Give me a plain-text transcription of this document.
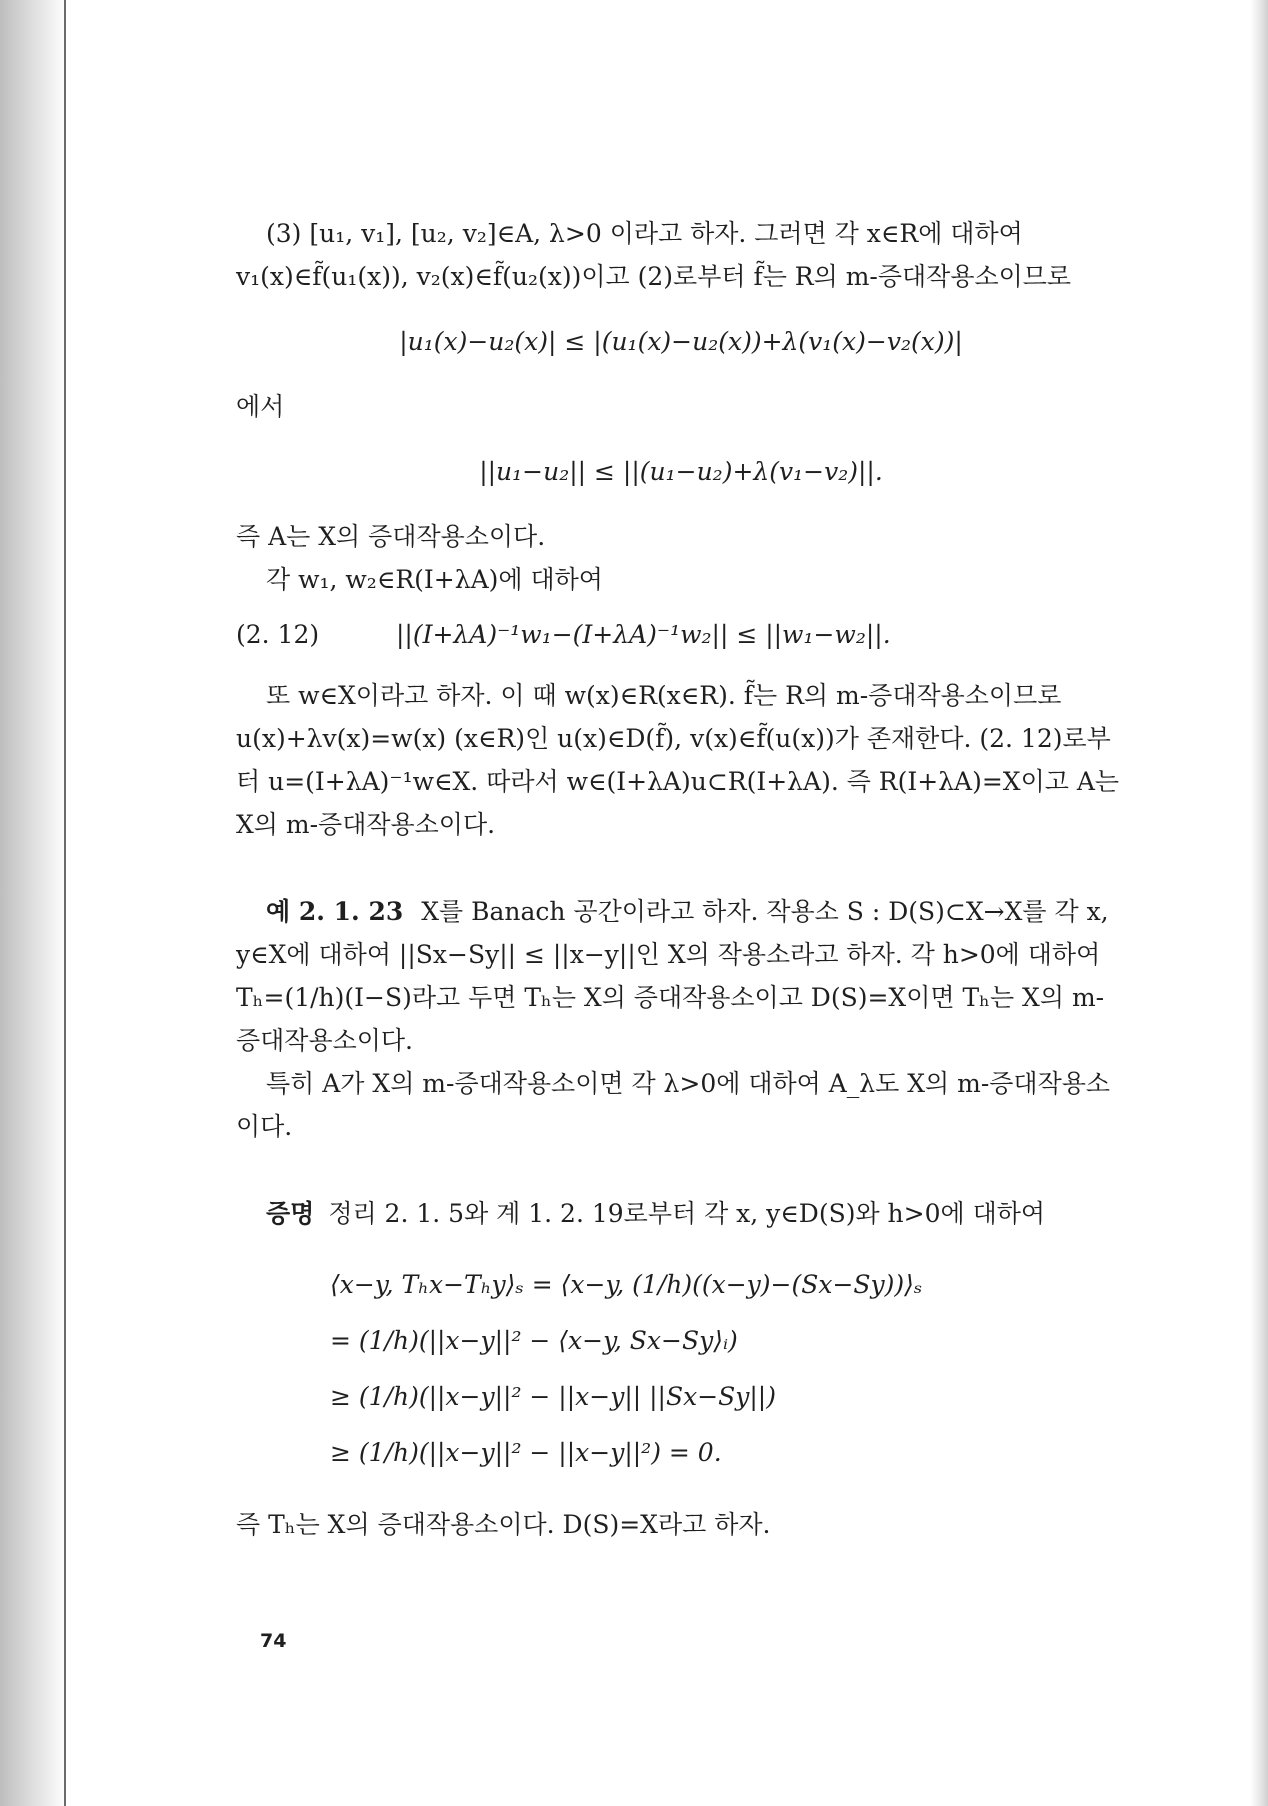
(3) [u₁, v₁], [u₂, v₂]∈A, λ>0 이라고 하자. 그러면 각 x∈R에 대하여 v₁(x)∈f̃(u₁(x)), v₂(x)∈f̃(u₂(x))이고 (2)로부터 f̃는 R의 m-증대작용소이므로

|u₁(x)−u₂(x)| ≤ |(u₁(x)−u₂(x))+λ(v₁(x)−v₂(x))|

에서

||u₁−u₂|| ≤ ||(u₁−u₂)+λ(v₁−v₂)||.

즉 A는 X의 증대작용소이다.

각 w₁, w₂∈R(I+λA)에 대하여

(2. 12)	||(I+λA)⁻¹w₁−(I+λA)⁻¹w₂|| ≤ ||w₁−w₂||.

또 w∈X이라고 하자. 이 때 w(x)∈R(x∈R). f̃는 R의 m-증대작용소이므로 u(x)+λv(x)=w(x) (x∈R)인 u(x)∈D(f̃), v(x)∈f̃(u(x))가 존재한다. (2. 12)로부터 u=(I+λA)⁻¹w∈X. 따라서 w∈(I+λA)u⊂R(I+λA). 즉 R(I+λA)=X이고 A는 X의 m-증대작용소이다.

예 2. 1. 23 X를 Banach 공간이라고 하자. 작용소 S : D(S)⊂X→X를 각 x, y∈X에 대하여 ||Sx−Sy|| ≤ ||x−y||인 X의 작용소라고 하자. 각 h>0에 대하여 Tₕ=(1/h)(I−S)라고 두면 Tₕ는 X의 증대작용소이고 D(S)=X이면 Tₕ는 X의 m-증대작용소이다.

특히 A가 X의 m-증대작용소이면 각 λ>0에 대하여 A_λ도 X의 m-증대작용소이다.

증명 정리 2. 1. 5와 계 1. 2. 19로부터 각 x, y∈D(S)와 h>0에 대하여

⟨x−y, Tₕx−Tₕy⟩ₛ = ⟨x−y, (1/h)((x−y)−(Sx−Sy))⟩ₛ
= (1/h)(||x−y||² − ⟨x−y, Sx−Sy⟩ᵢ)
≥ (1/h)(||x−y||² − ||x−y|| ||Sx−Sy||)
≥ (1/h)(||x−y||² − ||x−y||²) = 0.

즉 Tₕ는 X의 증대작용소이다. D(S)=X라고 하자.

74
